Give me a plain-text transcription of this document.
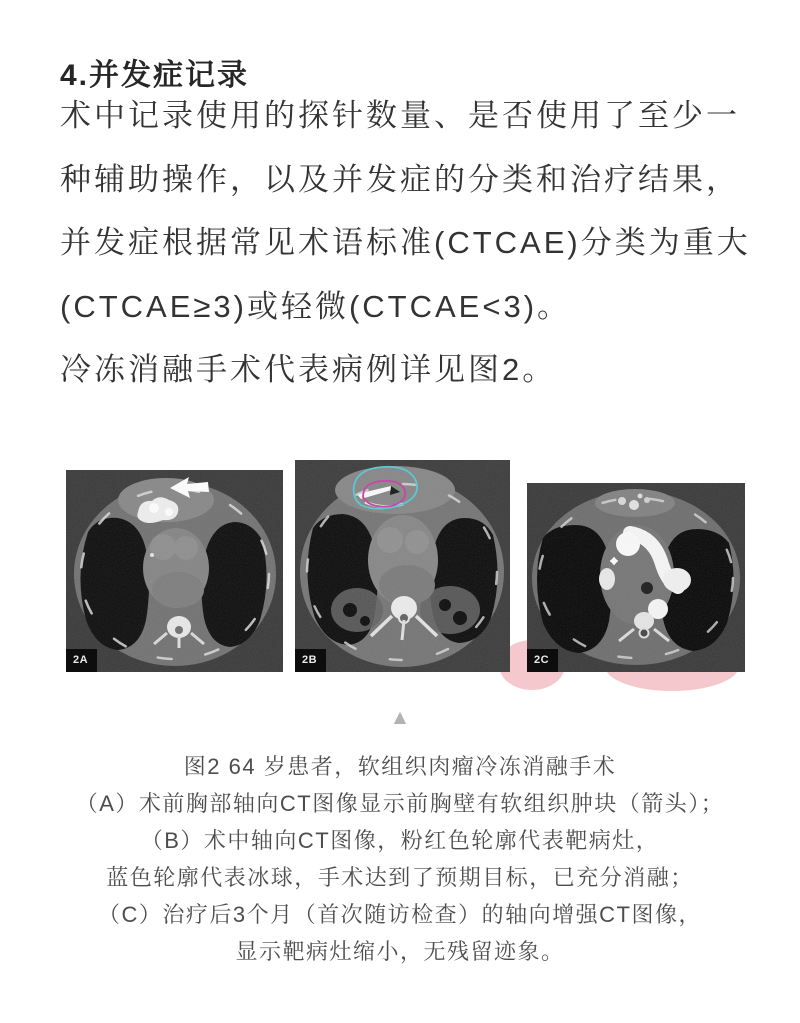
4.并发症记录
术中记录使用的探针数量、是否使用了至少一
种辅助操作，以及并发症的分类和治疗结果，
并发症根据常见术语标准(CTCAE)分类为重大
(CTCAE≥3)或轻微(CTCAE<3)。
冷冻消融手术代表病例详见图2。
2A	2B	2C
▲
图2 64 岁患者，软组织肉瘤冷冻消融手术
（A）术前胸部轴向CT图像显示前胸壁有软组织肿块（箭头）；
（B）术中轴向CT图像，粉红色轮廓代表靶病灶，
蓝色轮廓代表冰球，手术达到了预期目标，已充分消融；
（C）治疗后3个月（首次随访检查）的轴向增强CT图像，
显示靶病灶缩小，无残留迹象。
